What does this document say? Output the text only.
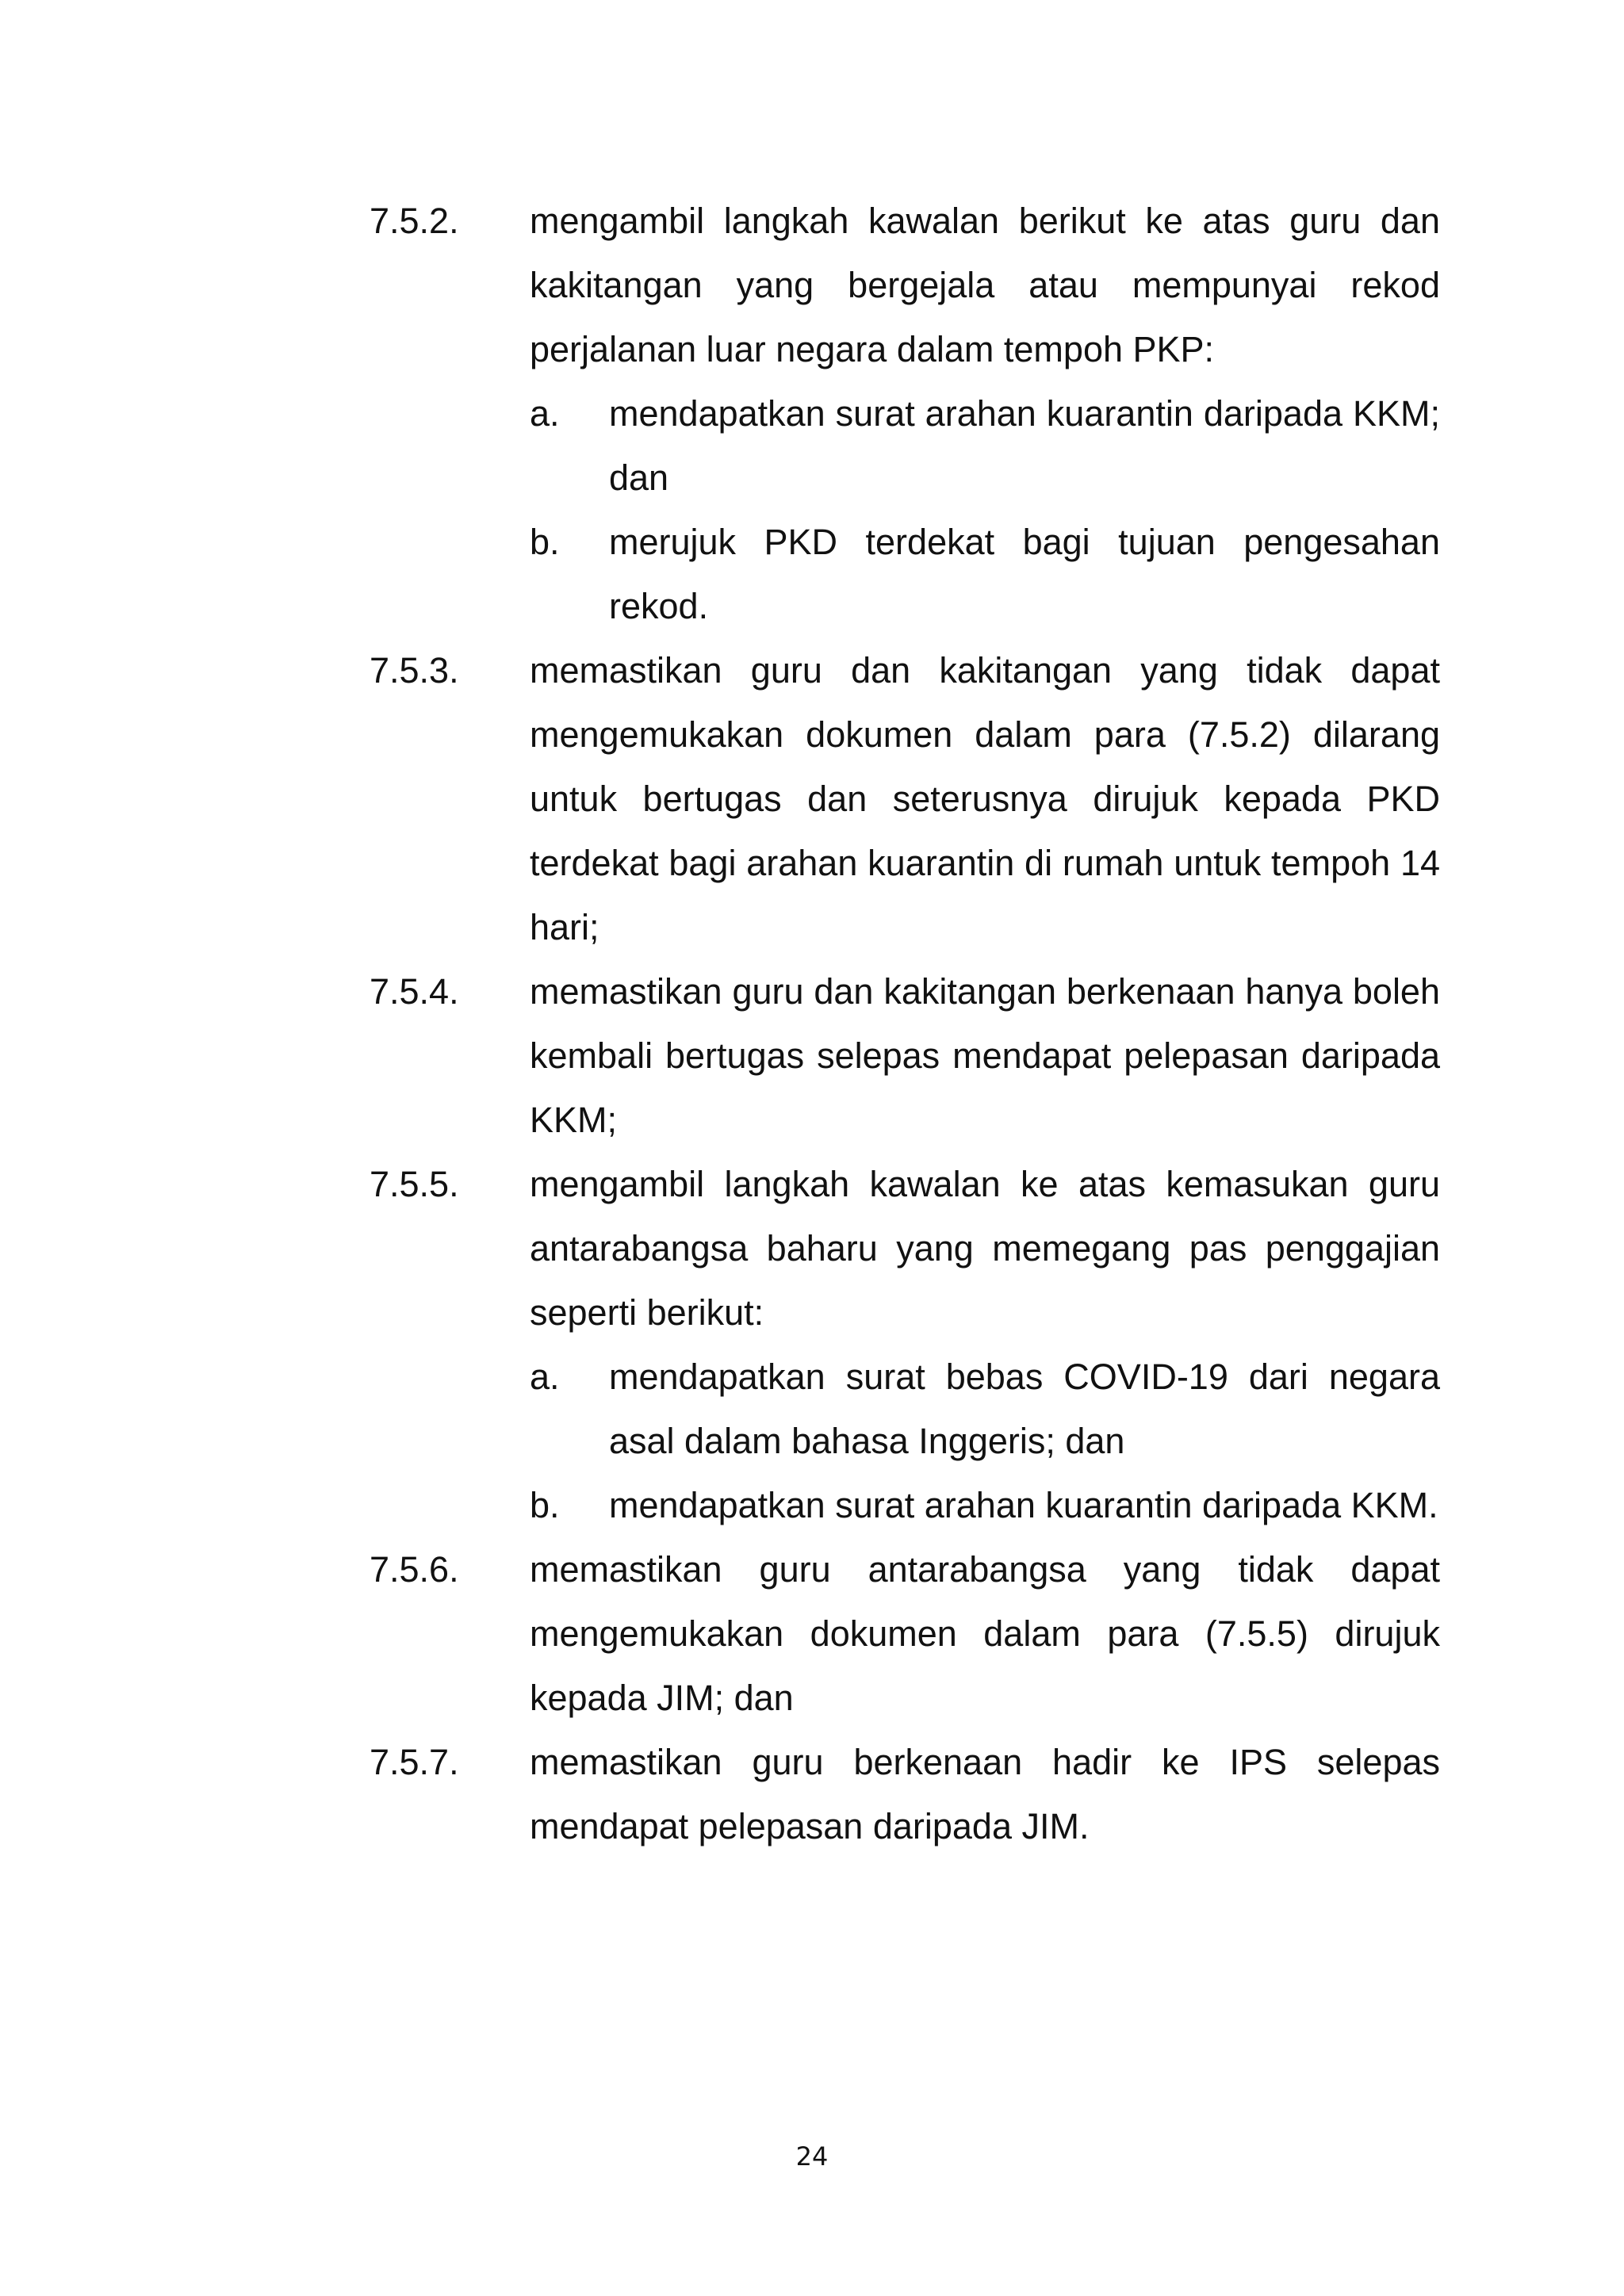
7.5.2.	mengambil langkah kawalan berikut ke atas guru dan kakitangan yang bergejala atau mempunyai rekod perjalanan luar negara dalam tempoh PKP:

a.	mendapatkan surat arahan kuarantin daripada KKM; dan

b.	merujuk PKD terdekat bagi tujuan pengesahan rekod.

7.5.3.	memastikan guru dan kakitangan yang tidak dapat mengemukakan dokumen dalam para (7.5.2) dilarang untuk bertugas dan seterusnya dirujuk kepada PKD terdekat bagi arahan kuarantin di rumah untuk tempoh 14 hari;

7.5.4.	memastikan guru dan kakitangan berkenaan hanya boleh kembali bertugas selepas mendapat pelepasan daripada KKM;

7.5.5.	mengambil langkah kawalan ke atas kemasukan guru antarabangsa baharu yang memegang pas penggajian seperti berikut:

a.	mendapatkan surat bebas COVID-19 dari negara asal dalam bahasa Inggeris; dan

b.	mendapatkan surat arahan kuarantin daripada KKM.

7.5.6.	memastikan guru antarabangsa yang tidak dapat mengemukakan dokumen dalam para (7.5.5) dirujuk kepada JIM; dan

7.5.7.	memastikan guru berkenaan hadir ke IPS selepas mendapat pelepasan daripada JIM.

24
